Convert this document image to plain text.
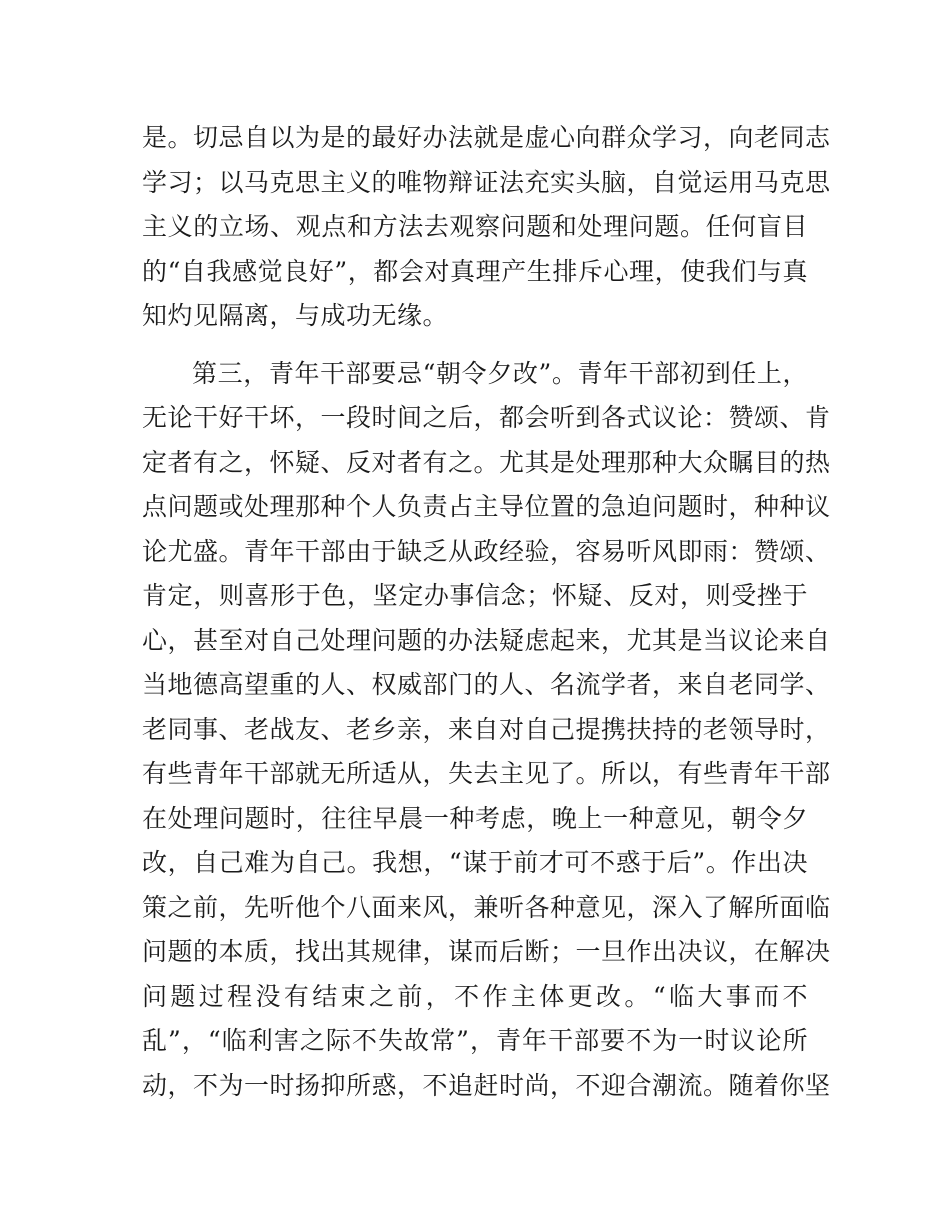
是。切忌自以为是的最好办法就是虚心向群众学习，向老同志
学习；以马克思主义的唯物辩证法充实头脑，自觉运用马克思
主义的立场、观点和方法去观察问题和处理问题。任何盲目
的“自我感觉良好”，都会对真理产生排斥心理，使我们与真
知灼见隔离，与成功无缘。
第三，青年干部要忌“朝令夕改”。青年干部初到任上，
无论干好干坏，一段时间之后，都会听到各式议论：赞颂、肯
定者有之，怀疑、反对者有之。尤其是处理那种大众瞩目的热
点问题或处理那种个人负责占主导位置的急迫问题时，种种议
论尤盛。青年干部由于缺乏从政经验，容易听风即雨：赞颂、
肯定，则喜形于色，坚定办事信念；怀疑、反对，则受挫于
心，甚至对自己处理问题的办法疑虑起来，尤其是当议论来自
当地德高望重的人、权威部门的人、名流学者，来自老同学、
老同事、老战友、老乡亲，来自对自己提携扶持的老领导时，
有些青年干部就无所适从，失去主见了。所以，有些青年干部
在处理问题时，往往早晨一种考虑，晚上一种意见，朝令夕
改，自己难为自己。我想，“谋于前才可不惑于后”。作出决
策之前，先听他个八面来风，兼听各种意见，深入了解所面临
问题的本质，找出其规律，谋而后断；一旦作出决议，在解决
问题过程没有结束之前，不作主体更改。“临大事而不
乱”，“临利害之际不失故常”，青年干部要不为一时议论所
动，不为一时扬抑所惑，不追赶时尚，不迎合潮流。随着你坚
